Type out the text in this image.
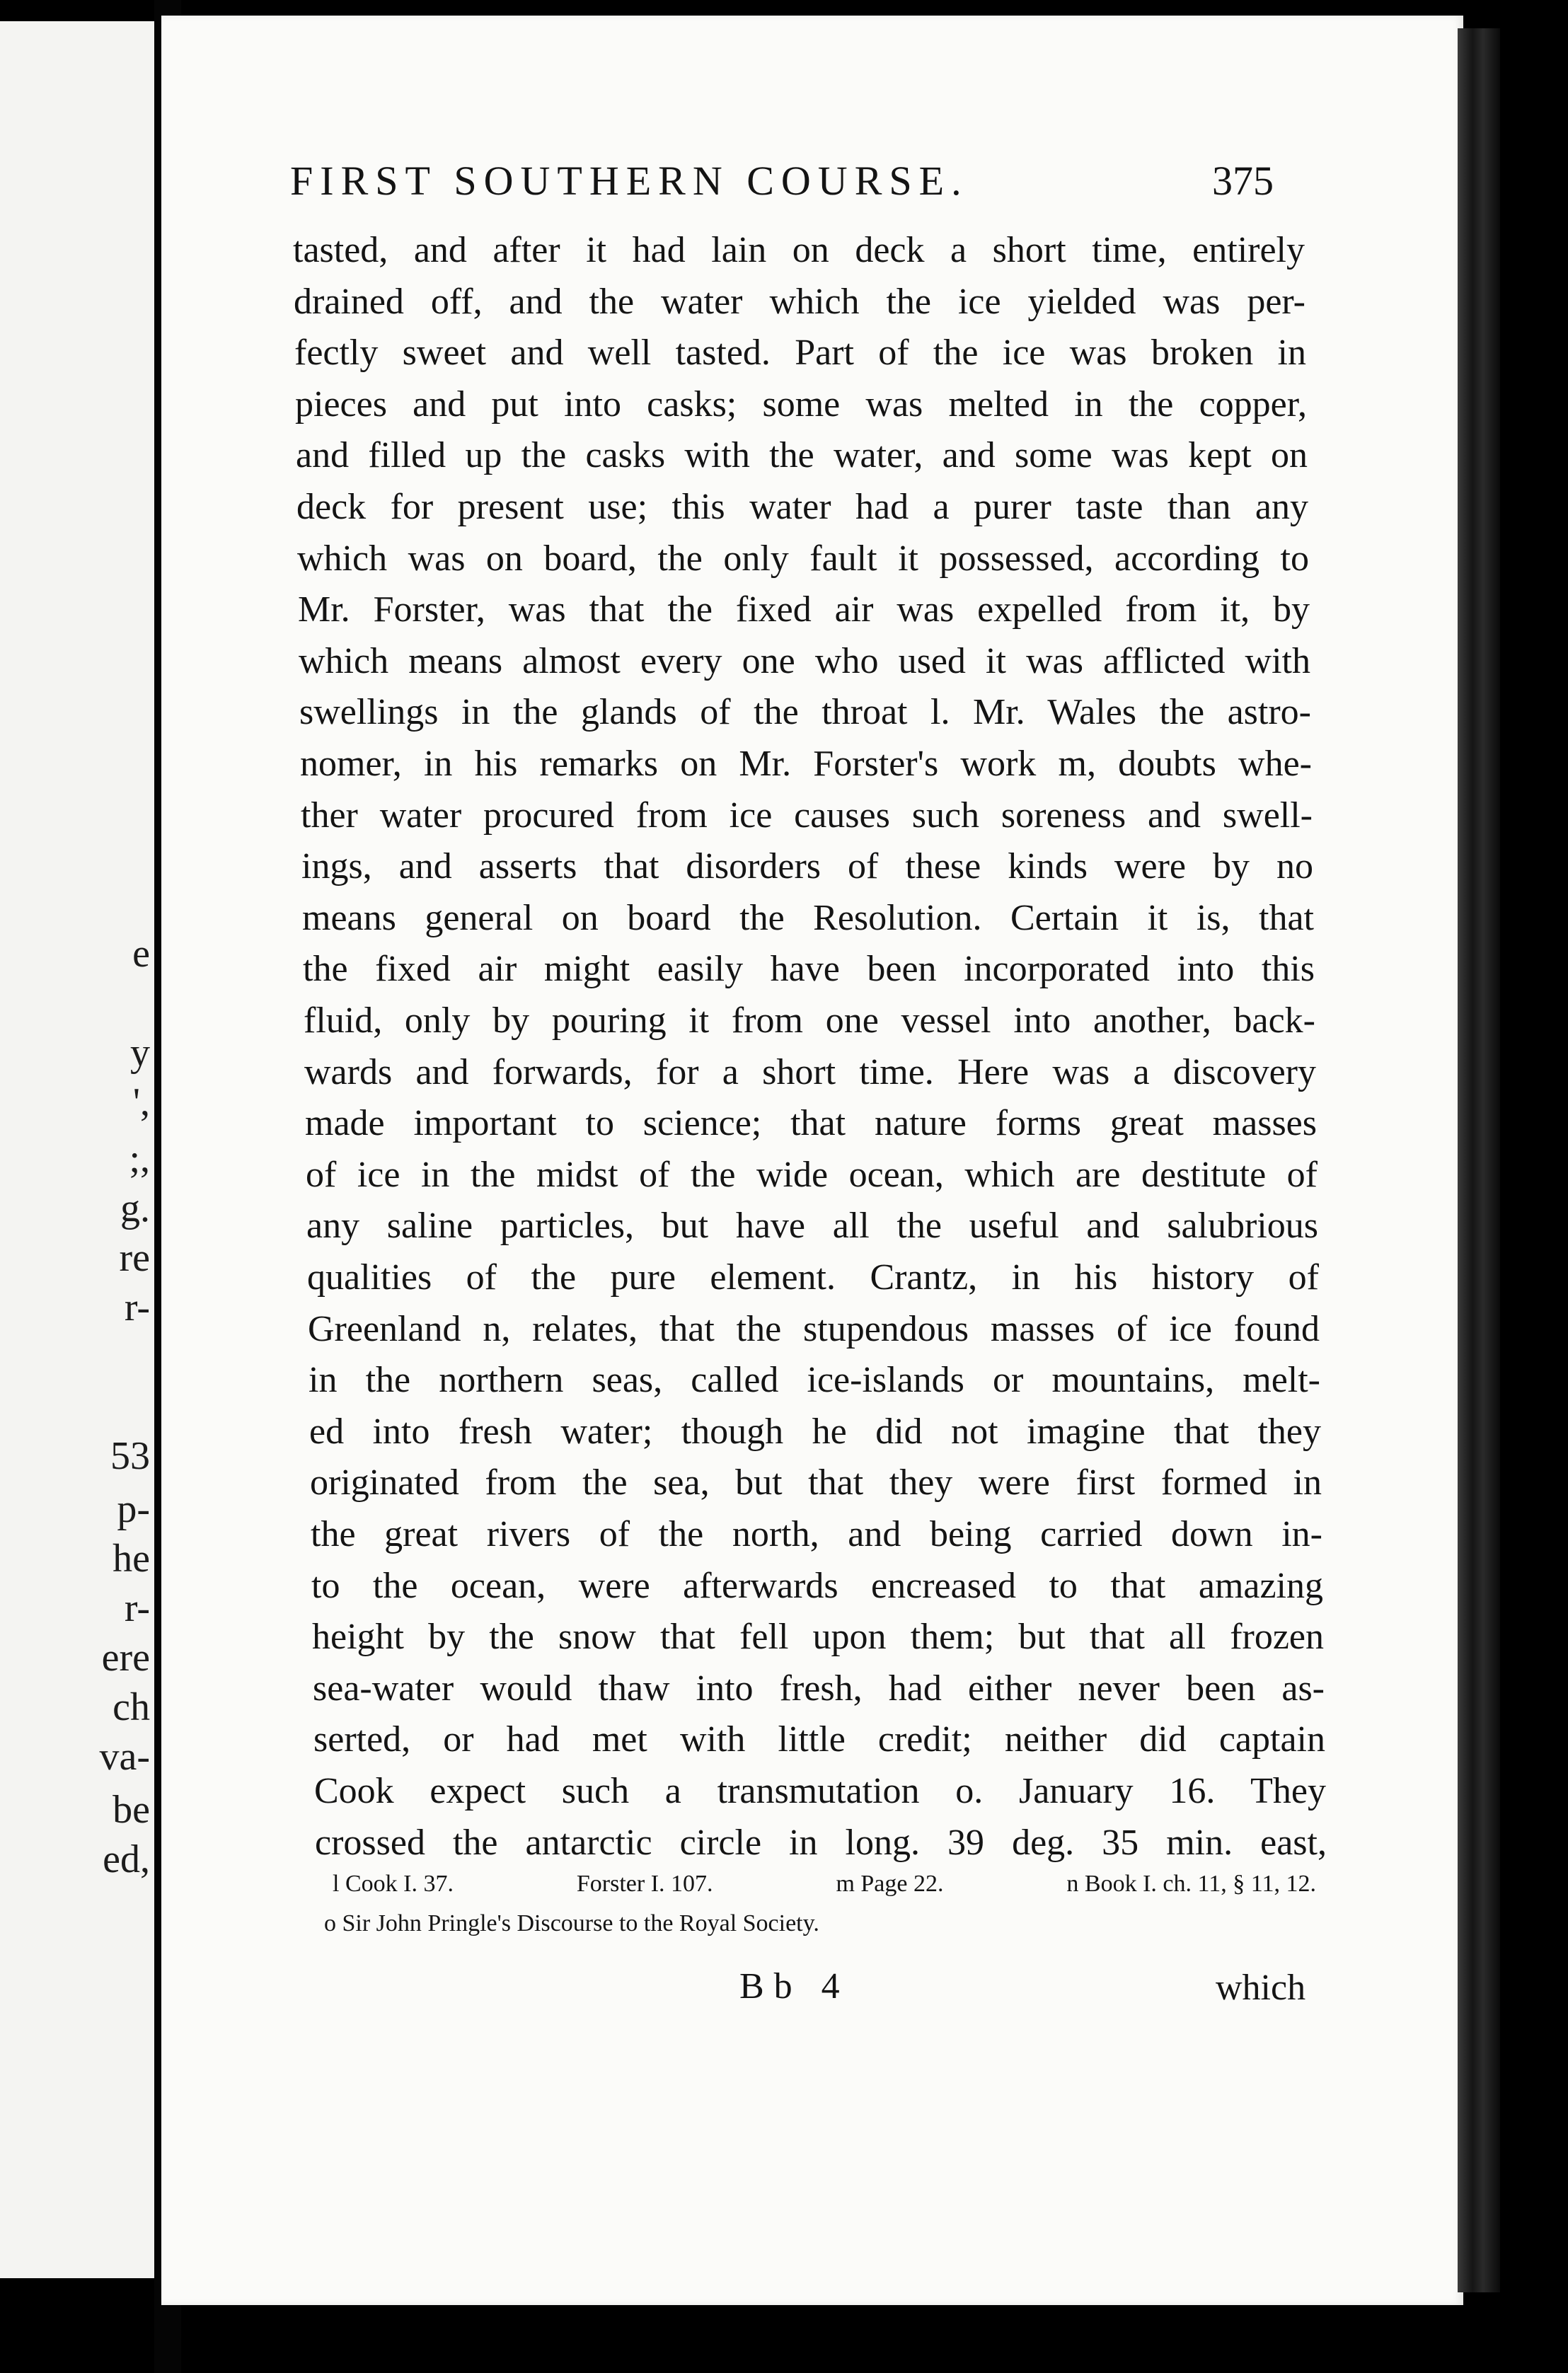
e
y
',
;,
g.
re
r-
53
p-
he
r-
ere
ch
va-
be
ed,
FIRST SOUTHERN COURSE.	375
tasted, and after it had lain on deck a short time, entirely
drained off, and the water which the ice yielded was per-
fectly sweet and well tasted. Part of the ice was broken in
pieces and put into casks; some was melted in the copper,
and filled up the casks with the water, and some was kept on
deck for present use; this water had a purer taste than any
which was on board, the only fault it possessed, according to
Mr. Forster, was that the fixed air was expelled from it, by
which means almost every one who used it was afflicted with
swellings in the glands of the throat l. Mr. Wales the astro-
nomer, in his remarks on Mr. Forster's work m, doubts whe-
ther water procured from ice causes such soreness and swell-
ings, and asserts that disorders of these kinds were by no
means general on board the Resolution. Certain it is, that
the fixed air might easily have been incorporated into this
fluid, only by pouring it from one vessel into another, back-
wards and forwards, for a short time. Here was a discovery
made important to science; that nature forms great masses
of ice in the midst of the wide ocean, which are destitute of
any saline particles, but have all the useful and salubrious
qualities of the pure element. Crantz, in his history of
Greenland n, relates, that the stupendous masses of ice found
in the northern seas, called ice-islands or mountains, melt-
ed into fresh water; though he did not imagine that they
originated from the sea, but that they were first formed in
the great rivers of the north, and being carried down in-
to the ocean, were afterwards encreased to that amazing
height by the snow that fell upon them; but that all frozen
sea-water would thaw into fresh, had either never been as-
serted, or had met with little credit; neither did captain
Cook expect such a transmutation o. January 16. They
crossed the antarctic circle in long. 39 deg. 35 min. east,
l Cook I. 37.	Forster I. 107.	m Page 22.	n Book I. ch. 11, § 11, 12.
o Sir John Pringle's Discourse to the Royal Society.
Bb 4	which
